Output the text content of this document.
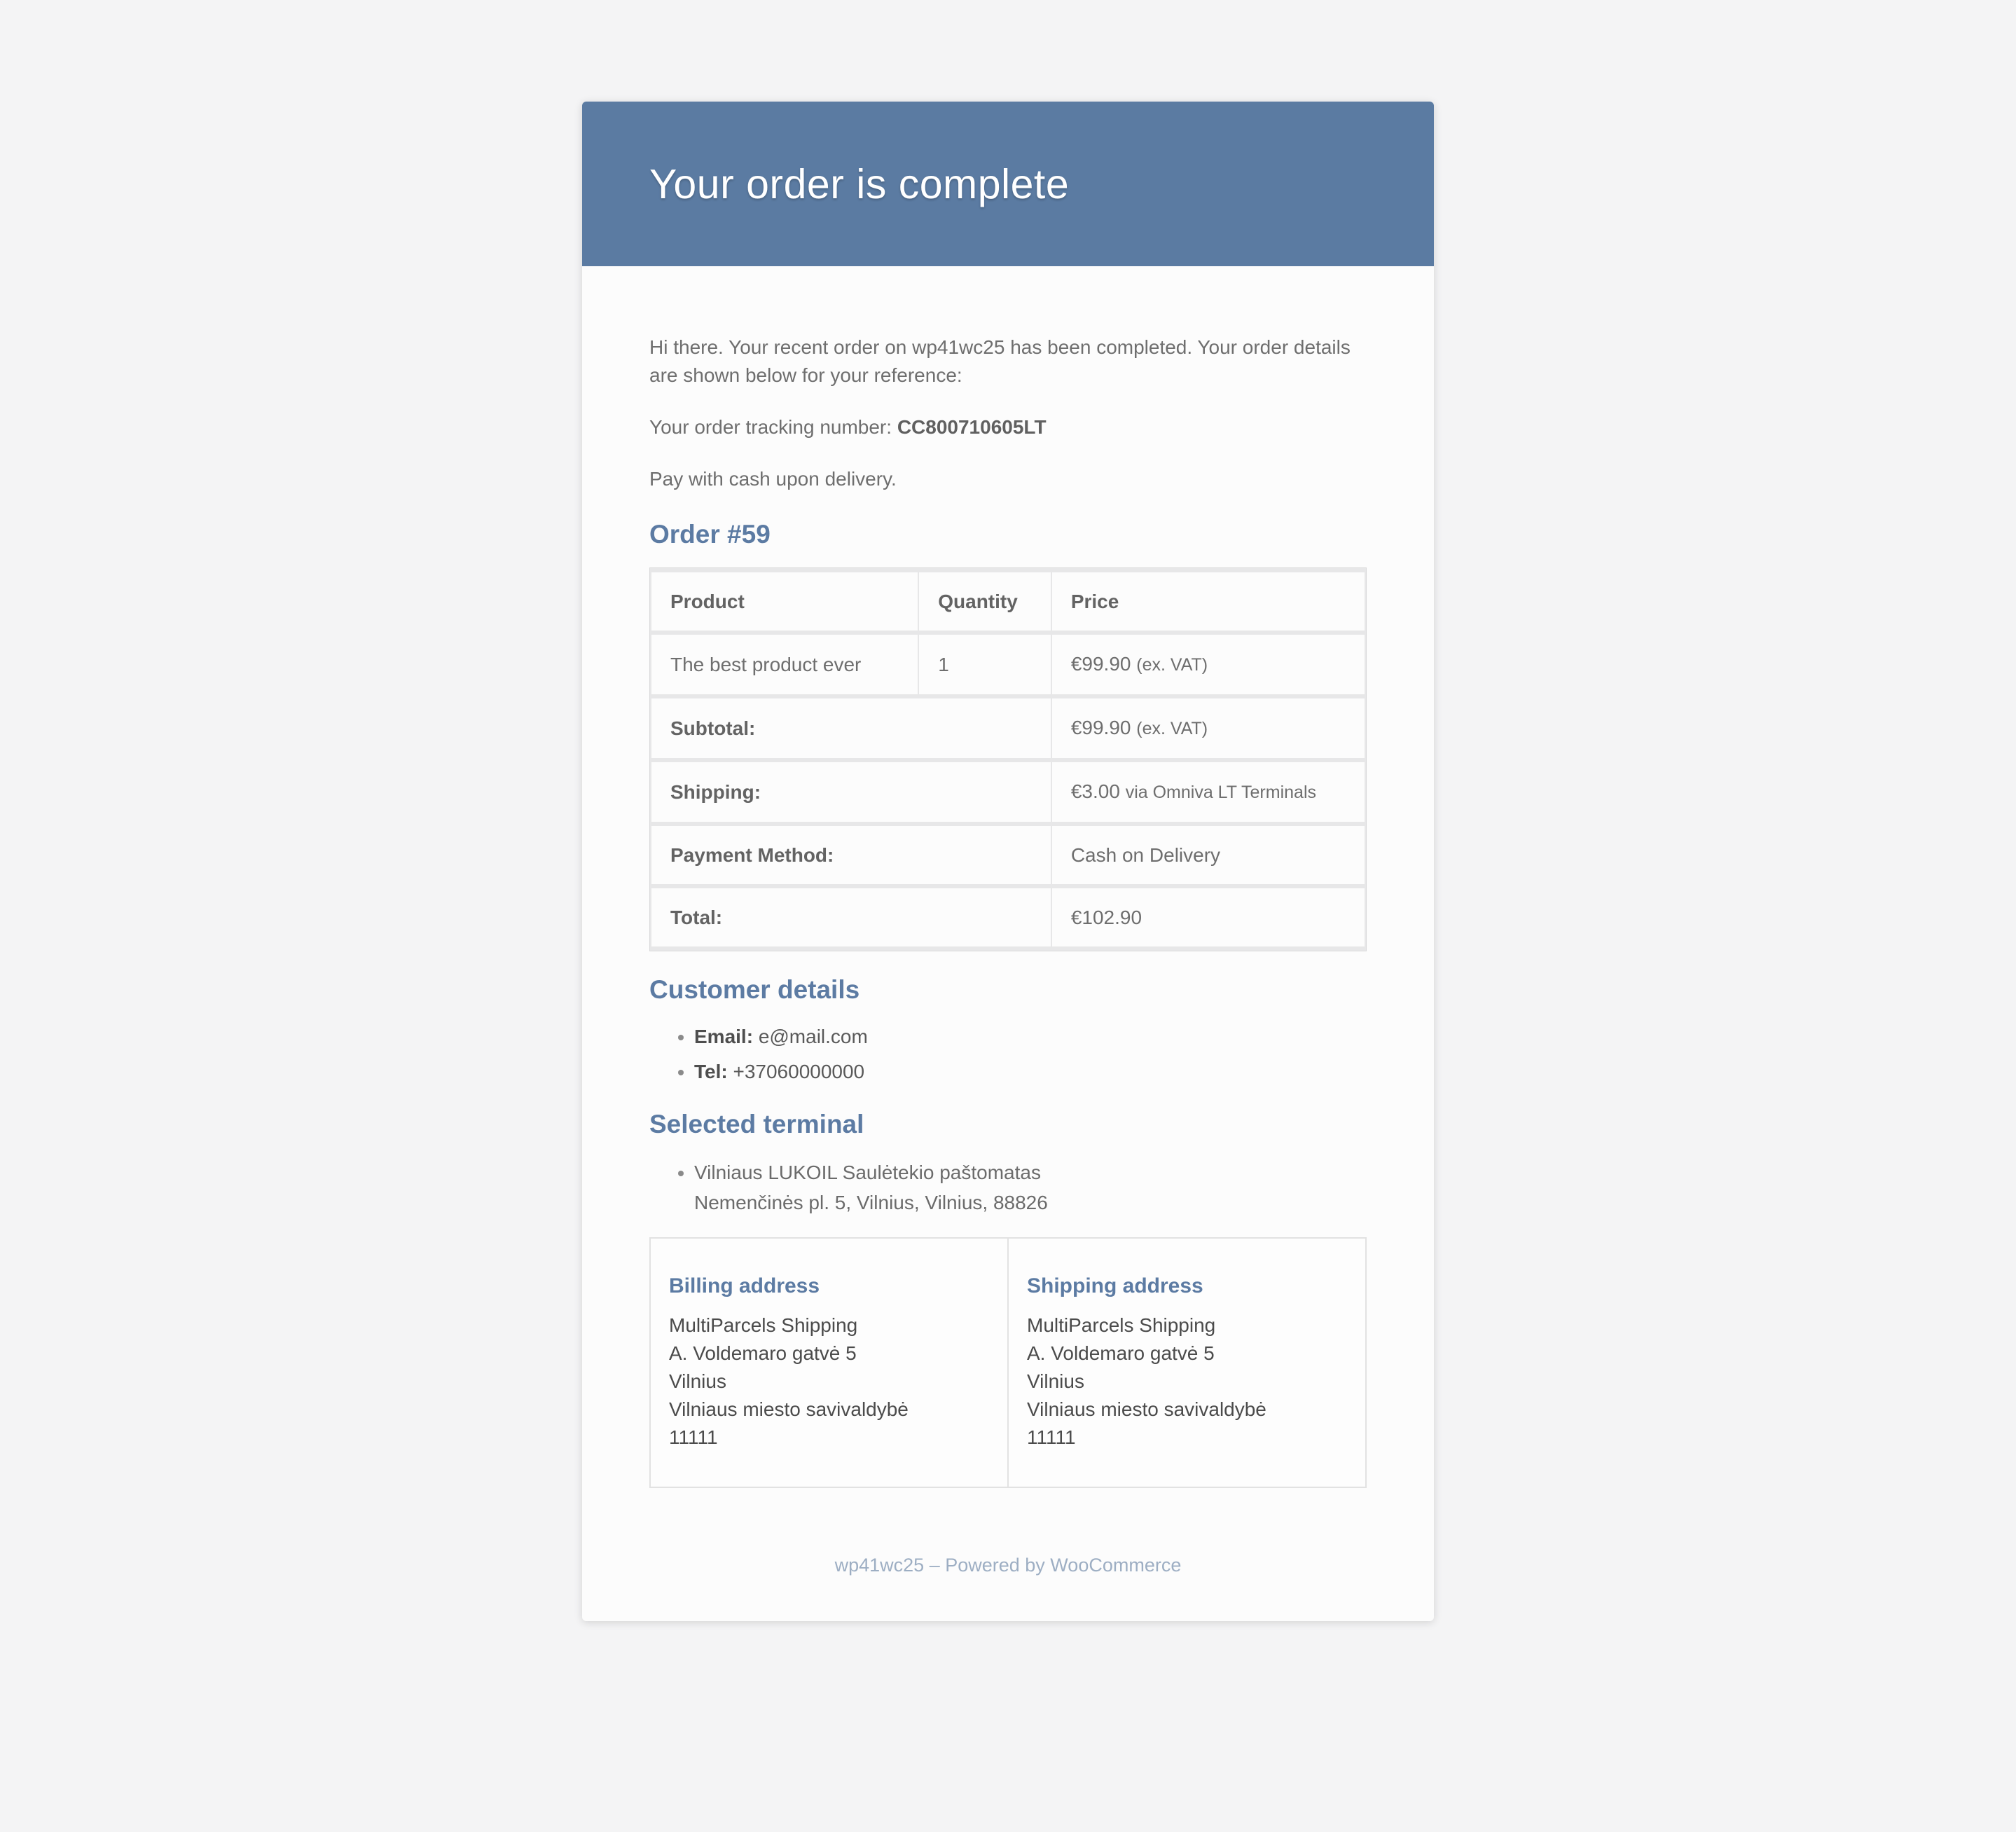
Your order is complete

Hi there. Your recent order on wp41wc25 has been completed. Your order details are shown below for your reference:

Your order tracking number: CC800710605LT

Pay with cash upon delivery.

Order #59
Product	Quantity	Price
The best product ever	1	€99.90 (ex. VAT)
Subtotal:		€99.90 (ex. VAT)
Shipping:		€3.00 via Omniva LT Terminals
Payment Method:		Cash on Delivery
Total:		€102.90
Customer details
• Email: e@mail.com
• Tel: +37060000000
Selected terminal
• Vilniaus LUKOIL Saulėtekio paštomatas
Nemenčinės pl. 5, Vilnius, Vilnius, 88826
Billing address
MultiParcels Shipping
A. Voldemaro gatvė 5
Vilnius
Vilniaus miesto savivaldybė
11111
Shipping address
MultiParcels Shipping
A. Voldemaro gatvė 5
Vilnius
Vilniaus miesto savivaldybė
11111
wp41wc25 – Powered by WooCommerce
